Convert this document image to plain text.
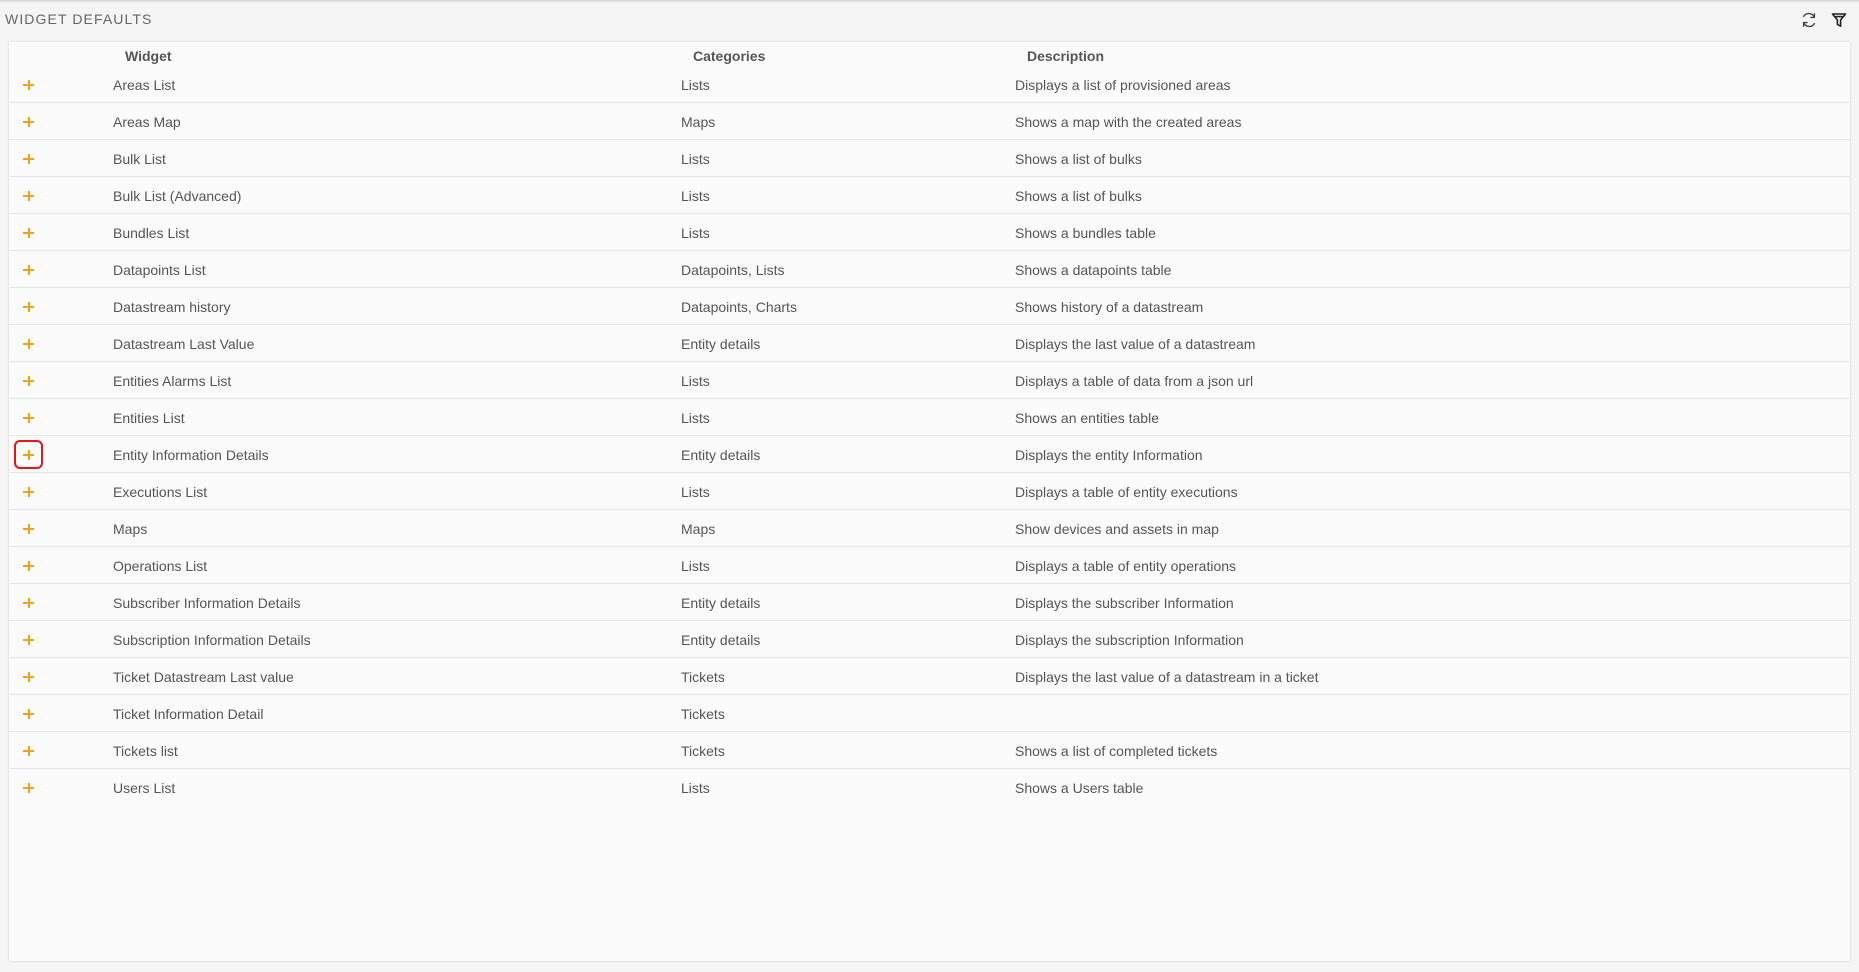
WIDGET DEFAULTS
Widget	Categories	Description
Areas List	Lists	Displays a list of provisioned areas
Areas Map	Maps	Shows a map with the created areas
Bulk List	Lists	Shows a list of bulks
Bulk List (Advanced)	Lists	Shows a list of bulks
Bundles List	Lists	Shows a bundles table
Datapoints List	Datapoints, Lists	Shows a datapoints table
Datastream history	Datapoints, Charts	Shows history of a datastream
Datastream Last Value	Entity details	Displays the last value of a datastream
Entities Alarms List	Lists	Displays a table of data from a json url
Entities List	Lists	Shows an entities table
Entity Information Details	Entity details	Displays the entity Information
Executions List	Lists	Displays a table of entity executions
Maps	Maps	Show devices and assets in map
Operations List	Lists	Displays a table of entity operations
Subscriber Information Details	Entity details	Displays the subscriber Information
Subscription Information Details	Entity details	Displays the subscription Information
Ticket Datastream Last value	Tickets	Displays the last value of a datastream in a ticket
Ticket Information Detail	Tickets
Tickets list	Tickets	Shows a list of completed tickets
Users List	Lists	Shows a Users table
